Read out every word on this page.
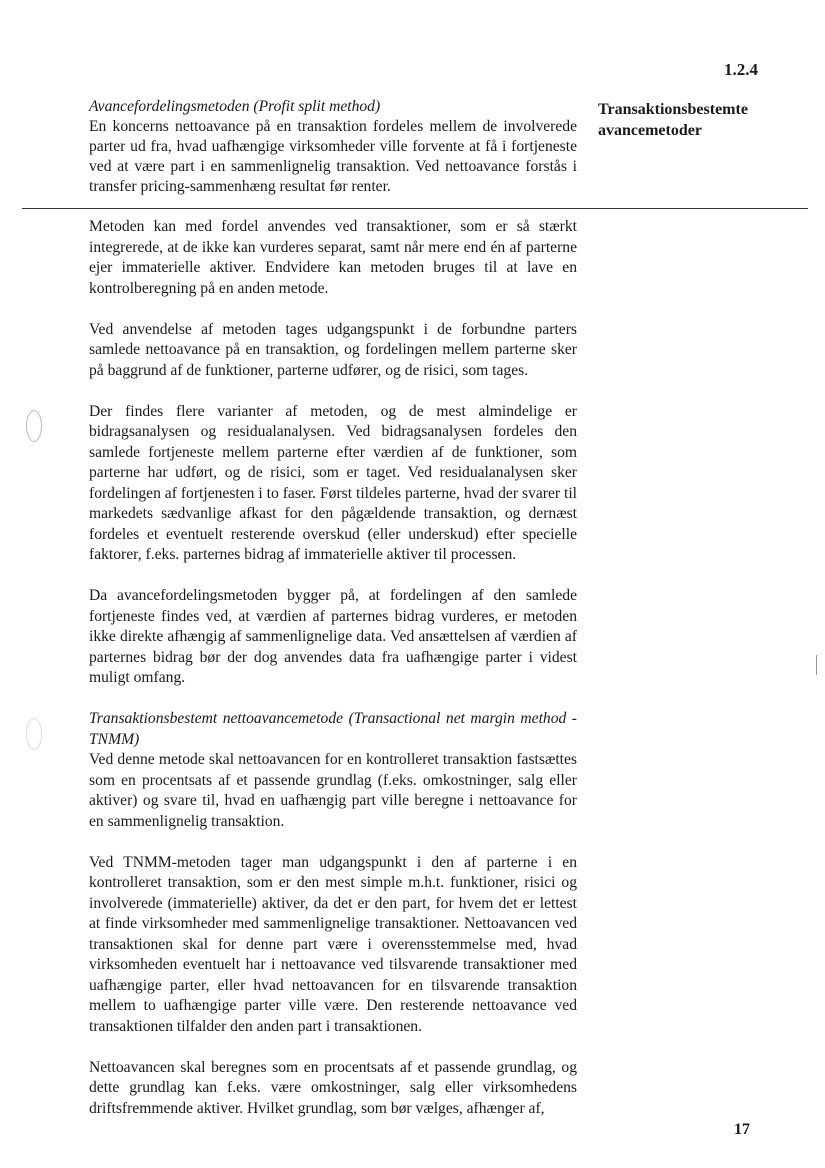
1.2.4
Transaktionsbestemte avancemetoder
Avancefordelingsmetoden (Profit split method)
En koncerns nettoavance på en transaktion fordeles mellem de involverede parter ud fra, hvad uafhængige virksomheder ville forvente at få i fortjeneste ved at være part i en sammenlignelig transaktion. Ved nettoavance forstås i transfer pricing-sammenhæng resultat før renter.

Metoden kan med fordel anvendes ved transaktioner, som er så stærkt integrerede, at de ikke kan vurderes separat, samt når mere end én af parterne ejer immaterielle aktiver. Endvidere kan metoden bruges til at lave en kontrolberegning på en anden metode.

Ved anvendelse af metoden tages udgangspunkt i de forbundne parters samlede nettoavance på en transaktion, og fordelingen mellem parterne sker på baggrund af de funktioner, parterne udfører, og de risici, som tages.

Der findes flere varianter af metoden, og de mest almindelige er bidragsanalysen og residualanalysen. Ved bidragsanalysen fordeles den samlede fortjeneste mellem parterne efter værdien af de funktioner, som parterne har udført, og de risici, som er taget. Ved residualanalysen sker fordelingen af fortjenesten i to faser. Først tildeles parterne, hvad der svarer til markedets sædvanlige afkast for den pågældende transaktion, og dernæst fordeles et eventuelt resterende overskud (eller underskud) efter specielle faktorer, f.eks. parternes bidrag af immaterielle aktiver til processen.

Da avancefordelingsmetoden bygger på, at fordelingen af den samlede fortjeneste findes ved, at værdien af parternes bidrag vurderes, er metoden ikke direkte afhængig af sammenlignelige data. Ved ansættelsen af værdien af parternes bidrag bør der dog anvendes data fra uafhængige parter i videst muligt omfang.

Transaktionsbestemt nettoavancemetode (Transactional net margin method - TNMM)
Ved denne metode skal nettoavancen for en kontrolleret transaktion fastsættes som en procentsats af et passende grundlag (f.eks. omkostninger, salg eller aktiver) og svare til, hvad en uafhængig part ville beregne i nettoavance for en sammenlignelig transaktion.

Ved TNMM-metoden tager man udgangspunkt i den af parterne i en kontrolleret transaktion, som er den mest simple m.h.t. funktioner, risici og involverede (immaterielle) aktiver, da det er den part, for hvem det er lettest at finde virksomheder med sammenlignelige transaktioner. Nettoavancen ved transaktionen skal for denne part være i overensstemmelse med, hvad virksomheden eventuelt har i nettoavance ved tilsvarende transaktioner med uafhængige parter, eller hvad nettoavancen for en tilsvarende transaktion mellem to uafhængige parter ville være. Den resterende nettoavance ved transaktionen tilfalder den anden part i transaktionen.

Nettoavancen skal beregnes som en procentsats af et passende grundlag, og dette grundlag kan f.eks. være omkostninger, salg eller virksomhedens driftsfremmende aktiver. Hvilket grundlag, som bør vælges, afhænger af,

17
